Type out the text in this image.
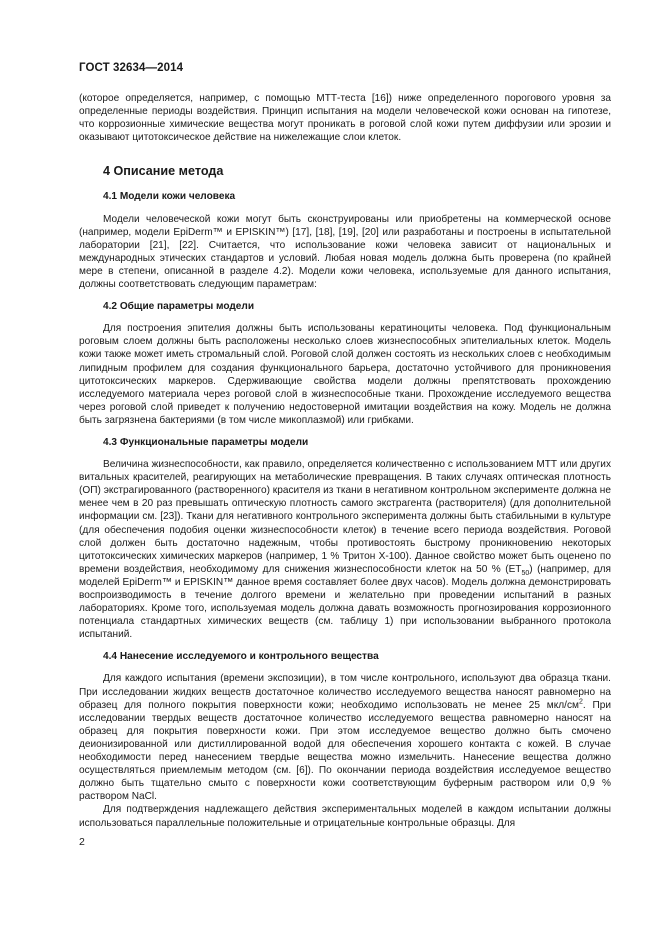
ГОСТ 32634—2014

(которое определяется, например, с помощью МТТ-теста [16]) ниже определенного порогового уровня за определенные периоды воздействия. Принцип испытания на модели человеческой кожи основан на гипотезе, что коррозионные химические вещества могут проникать в роговой слой кожи путем диффузии или эрозии и оказывают цитотоксическое действие на нижележащие слои клеток.

4 Описание метода
4.1 Модели кожи человека

Модели человеческой кожи могут быть сконструированы или приобретены на коммерческой основе (например, модели EpiDerm™ и EPISKIN™) [17], [18], [19], [20] или разработаны и построены в испытательной лаборатории [21], [22]. Считается, что использование кожи человека зависит от национальных и международных этических стандартов и условий. Любая новая модель должна быть проверена (по крайней мере в степени, описанной в разделе 4.2). Модели кожи человека, используемые для данного испытания, должны соответствовать следующим параметрам:

4.2 Общие параметры модели

Для построения эпителия должны быть использованы кератиноциты человека. Под функциональным роговым слоем должны быть расположены несколько слоев жизнеспособных эпителиальных клеток. Модель кожи также может иметь стромальный слой. Роговой слой должен состоять из нескольких слоев с необходимым липидным профилем для создания функционального барьера, достаточно устойчивого для проникновения цитотоксических маркеров. Сдерживающие свойства модели должны препятствовать прохождению исследуемого материала через роговой слой в жизнеспособные ткани. Прохождение исследуемого вещества через роговой слой приведет к получению недостоверной имитации воздействия на кожу. Модель не должна быть загрязнена бактериями (в том числе микоплазмой) или грибками.

4.3 Функциональные параметры модели

Величина жизнеспособности, как правило, определяется количественно с использованием МТТ или других витальных красителей, реагирующих на метаболические превращения. В таких случаях оптическая плотность (ОП) экстрагированного (растворенного) красителя из ткани в негативном контрольном эксперименте должна не менее чем в 20 раз превышать оптическую плотность самого экстрагента (растворителя) (для дополнительной информации см. [23]). Ткани для негативного контрольного эксперимента должны быть стабильными в культуре (для обеспечения подобия оценки жизнеспособности клеток) в течение всего периода воздействия. Роговой слой должен быть достаточно надежным, чтобы противостоять быстрому проникновению некоторых цитотоксических химических маркеров (например, 1 % Тритон Х-100). Данное свойство может быть оценено по времени воздействия, необходимому для снижения жизнеспособности клеток на 50 % $(ET_{50})$ (например, для моделей EpiDerm™ и EPISKIN™ данное время составляет более двух часов). Модель должна демонстрировать воспроизводимость в течение долгого времени и желательно при проведении испытаний в разных лабораториях. Кроме того, используемая модель должна давать возможность прогнозирования коррозионного потенциала стандартных химических веществ (см. таблицу 1) при использовании выбранного протокола испытаний.

4.4 Нанесение исследуемого и контрольного вещества

Для каждого испытания (времени экспозиции), в том числе контрольного, используют два образца ткани. При исследовании жидких веществ достаточное количество исследуемого вещества наносят равномерно на образец для полного покрытия поверхности кожи; необходимо использовать не менее 25 мкл/$см^2$. При исследовании твердых веществ достаточное количество исследуемого вещества равномерно наносят на образец для покрытия поверхности кожи. При этом исследуемое вещество должно быть смочено деионизированной или дистиллированной водой для обеспечения хорошего контакта с кожей. В случае необходимости перед нанесением твердые вещества можно измельчить. Нанесение вещества должно осуществляться приемлемым методом (см. [6]). По окончании периода воздействия исследуемое вещество должно быть тщательно смыто с поверхности кожи соответствующим буферным раствором или 0,9 % раствором NaCl.

Для подтверждения надлежащего действия экспериментальных моделей в каждом испытании должны использоваться параллельные положительные и отрицательные контрольные образцы. Для

2
